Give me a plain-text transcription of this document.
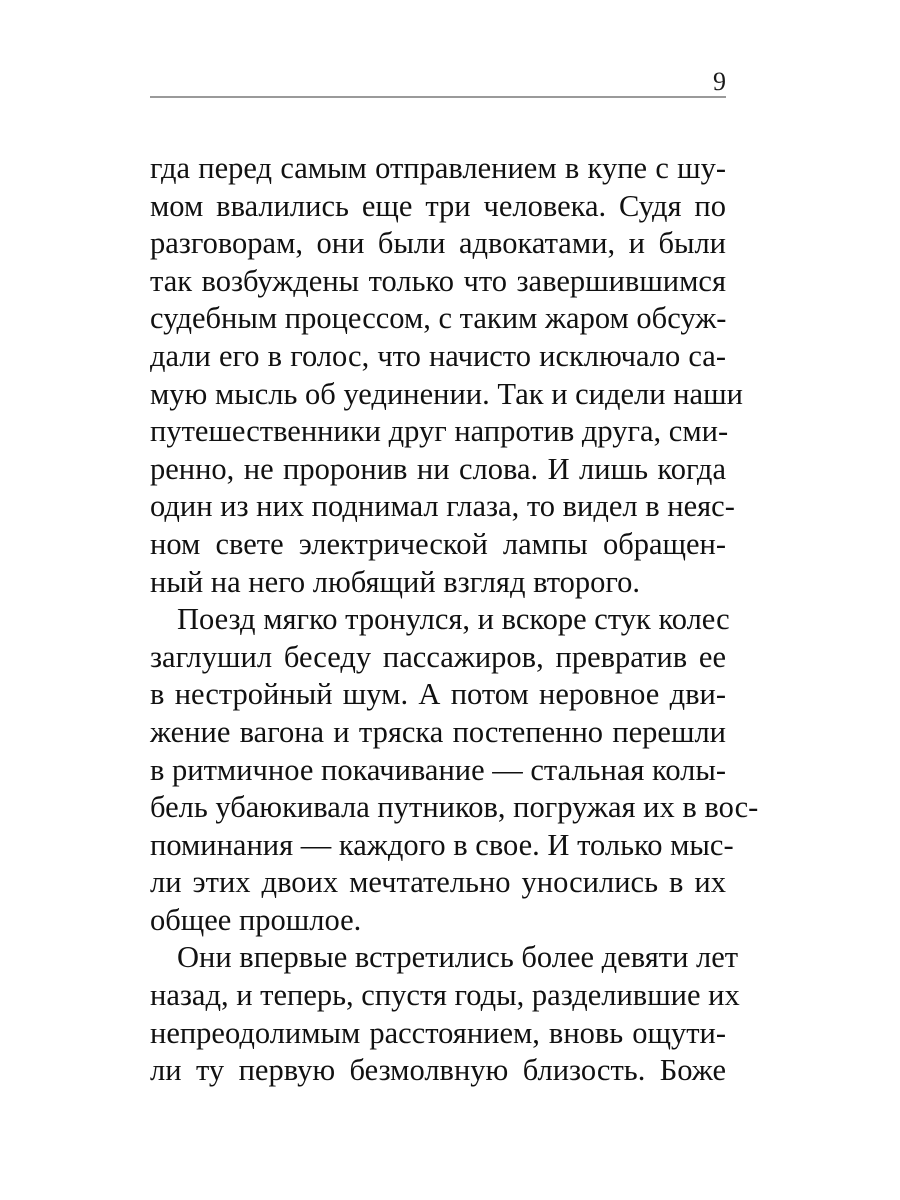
9
гда перед самым отправлением в купе с шу-
мом ввалились еще три человека. Судя по
разговорам, они были адвокатами, и были
так возбуждены только что завершившимся
судебным процессом, с таким жаром обсуж-
дали его в голос, что начисто исключало са-
мую мысль об уединении. Так и сидели наши
путешественники друг напротив друга, сми-
ренно, не проронив ни слова. И лишь когда
один из них поднимал глаза, то видел в неяс-
ном свете электрической лампы обращен-
ный на него любящий взгляд второго.
Поезд мягко тронулся, и вскоре стук колес
заглушил беседу пассажиров, превратив ее
в нестройный шум. А потом неровное дви-
жение вагона и тряска постепенно перешли
в ритмичное покачивание — стальная колы-
бель убаюкивала путников, погружая их в вос-
поминания — каждого в свое. И только мыс-
ли этих двоих мечтательно уносились в их
общее прошлое.
Они впервые встретились более девяти лет
назад, и теперь, спустя годы, разделившие их
непреодолимым расстоянием, вновь ощути-
ли ту первую безмолвную близость. Боже
